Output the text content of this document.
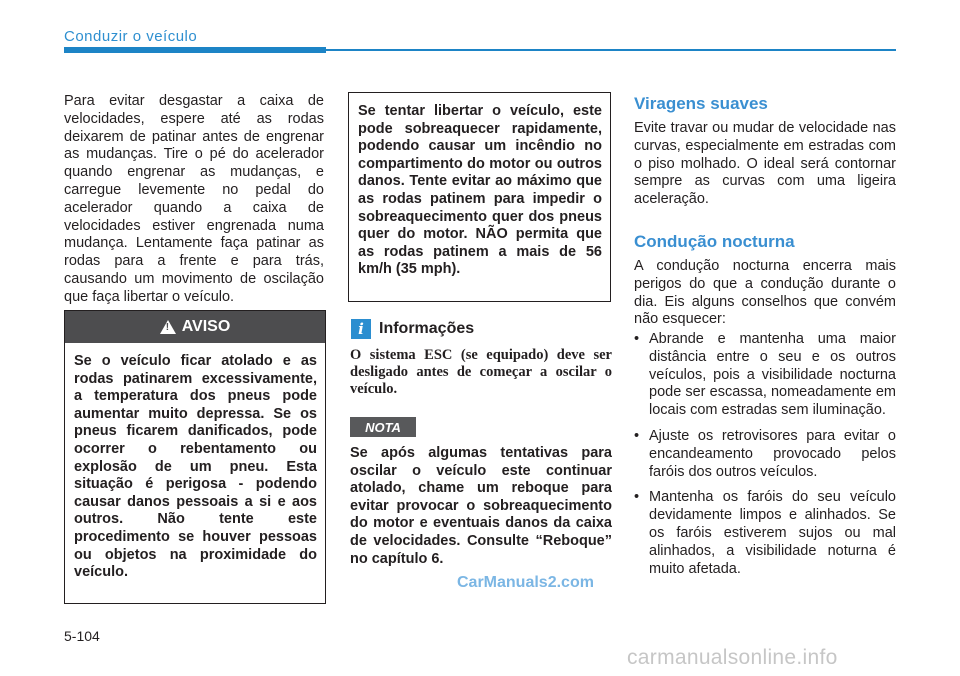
Conduzir o veículo
Para evitar desgastar a caixa de velocidades, espere até as rodas deixarem de patinar antes de engrenar as mudanças. Tire o pé do acelerador quando engrenar as mudanças, e carregue levemente no pedal do acelerador quando a caixa de velocidades estiver engrenada numa mudança. Lentamente faça patinar as rodas para a frente e para trás, causando um movimento de oscilação que faça libertar o veículo.
! AVISO
Se o veículo ficar atolado e as rodas patinarem excessivamente, a temperatura dos pneus pode aumentar muito depressa. Se os pneus ficarem danificados, pode ocorrer o rebentamento ou explosão de um pneu. Esta situação é perigosa - podendo causar danos pessoais a si e aos outros. Não tente este procedimento se houver pessoas ou objetos na proximidade do veículo.
Se tentar libertar o veículo, este pode sobreaquecer rapidamente, podendo causar um incêndio no compartimento do motor ou outros danos. Tente evitar ao máximo que as rodas patinem para impedir o sobreaquecimento quer dos pneus quer do motor. NÃO permita que as rodas patinem a mais de 56 km/h (35 mph).
i Informações
O sistema ESC (se equipado) deve ser desligado antes de começar a oscilar o veículo.
NOTA
Se após algumas tentativas para oscilar o veículo este continuar atolado, chame um reboque para evitar provocar o sobreaquecimento do motor e eventuais danos da caixa de velocidades. Consulte “Reboque” no capítulo 6.
Viragens suaves
Evite travar ou mudar de velocidade nas curvas, especialmente em estradas com o piso molhado. O ideal será contornar sempre as curvas com uma ligeira aceleração.
Condução nocturna
A condução nocturna encerra mais perigos do que a condução durante o dia. Eis alguns conselhos que convém não esquecer:
• Abrande e mantenha uma maior distância entre o seu e os outros veículos, pois a visibilidade nocturna pode ser escassa, nomeadamente em locais com estradas sem iluminação.
• Ajuste os retrovisores para evitar o encandeamento provocado pelos faróis dos outros veículos.
• Mantenha os faróis do seu veículo devidamente limpos e alinhados. Se os faróis estiverem sujos ou mal alinhados, a visibilidade noturna é muito afetada.
CarManuals2.com
5-104
carmanualsonline.info
